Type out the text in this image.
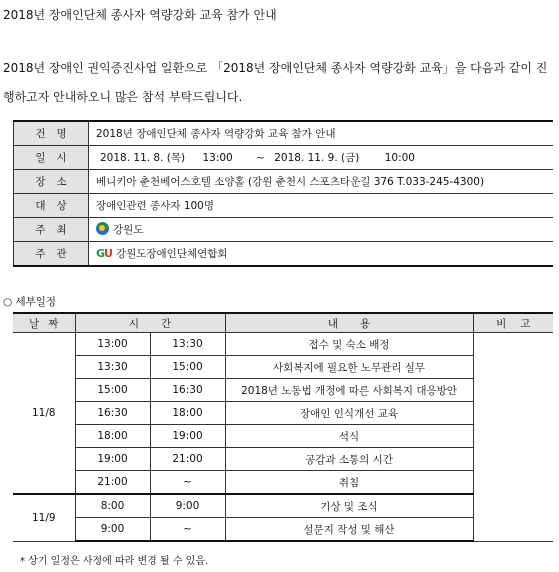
2018년 장애인단체 종사자 역량강화 교육 참가 안내
2018년 장애인 권익증진사업 일환으로 「2018년 장애인단체 종사자 역량강화 교육」을 다음과 같이 진행하고자 안내하오니 많은 참석 부탁드립니다.
건명	2018년 장애인단체 종사자 역량강화 교육 참가 안내
일시	2018. 11. 8. (목) 13:00 ~ 2018. 11. 9. (금) 10:00
장소	베니키아 춘천베어스호텔 소양홀 (강원 춘천시 스포츠타운길 376 T.033-245-4300)
대상	장애인관련 종사자 100명
주최	강원도
주관	GU 강원도장애인단체연합회
○ 세부일정
날짜	시간		내용	비고
11/8	13:00	13:30	접수 및 숙소 배정	
	13:30	15:00	사회복지에 필요한 노무관리 실무	
	15:00	16:30	2018년 노동법 개정에 따른 사회복지 대응방안	
	16:30	18:00	장애인 인식개선 교육	
	18:00	19:00	석식	
	19:00	21:00	공감과 소통의 시간	
	21:00	~	취침	
11/9	8:00	9:00	기상 및 조식	
	9:00	~	설문지 작성 및 해산	
* 상기 일정은 사정에 따라 변경 될 수 있음.
